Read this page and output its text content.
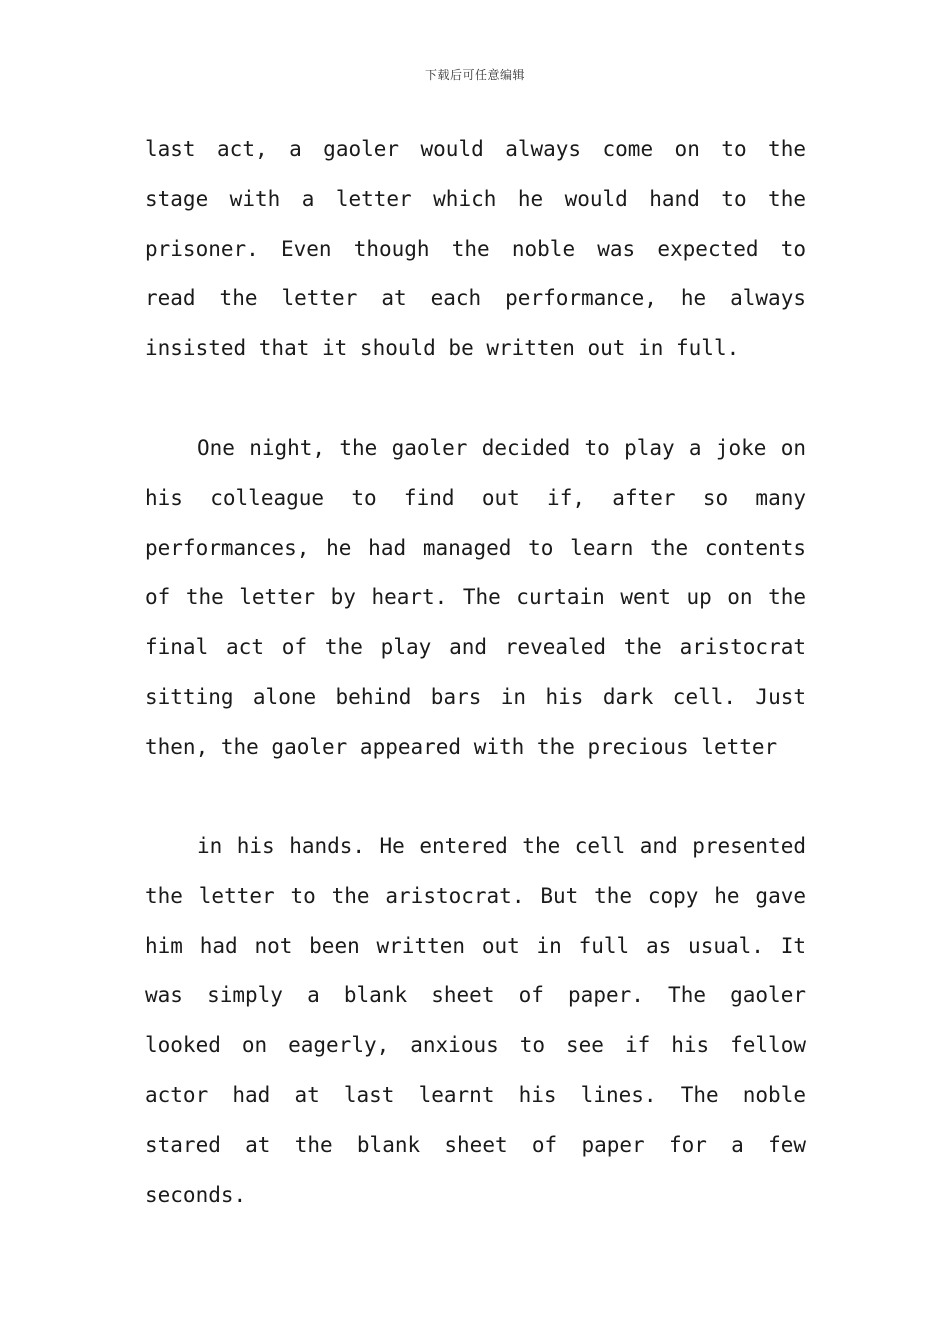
下载后可任意编辑
last act, a gaoler would always come on to the
stage with a letter which he would hand to the
prisoner. Even though the noble was expected to
read the letter at each performance, he always
insisted that it should be written out in full.
One night, the gaoler decided to play a joke on
his colleague to find out if, after so many
performances, he had managed to learn the contents
of the letter by heart. The curtain went up on the
final act of the play and revealed the aristocrat
sitting alone behind bars in his dark cell. Just
then, the gaoler appeared with the precious letter
in his hands. He entered the cell and presented
the letter to the aristocrat. But the copy he gave
him had not been written out in full as usual. It
was simply a blank sheet of paper. The gaoler
looked on eagerly, anxious to see if his fellow
actor had at last learnt his lines. The noble
stared at the blank sheet of paper for a few
seconds.
